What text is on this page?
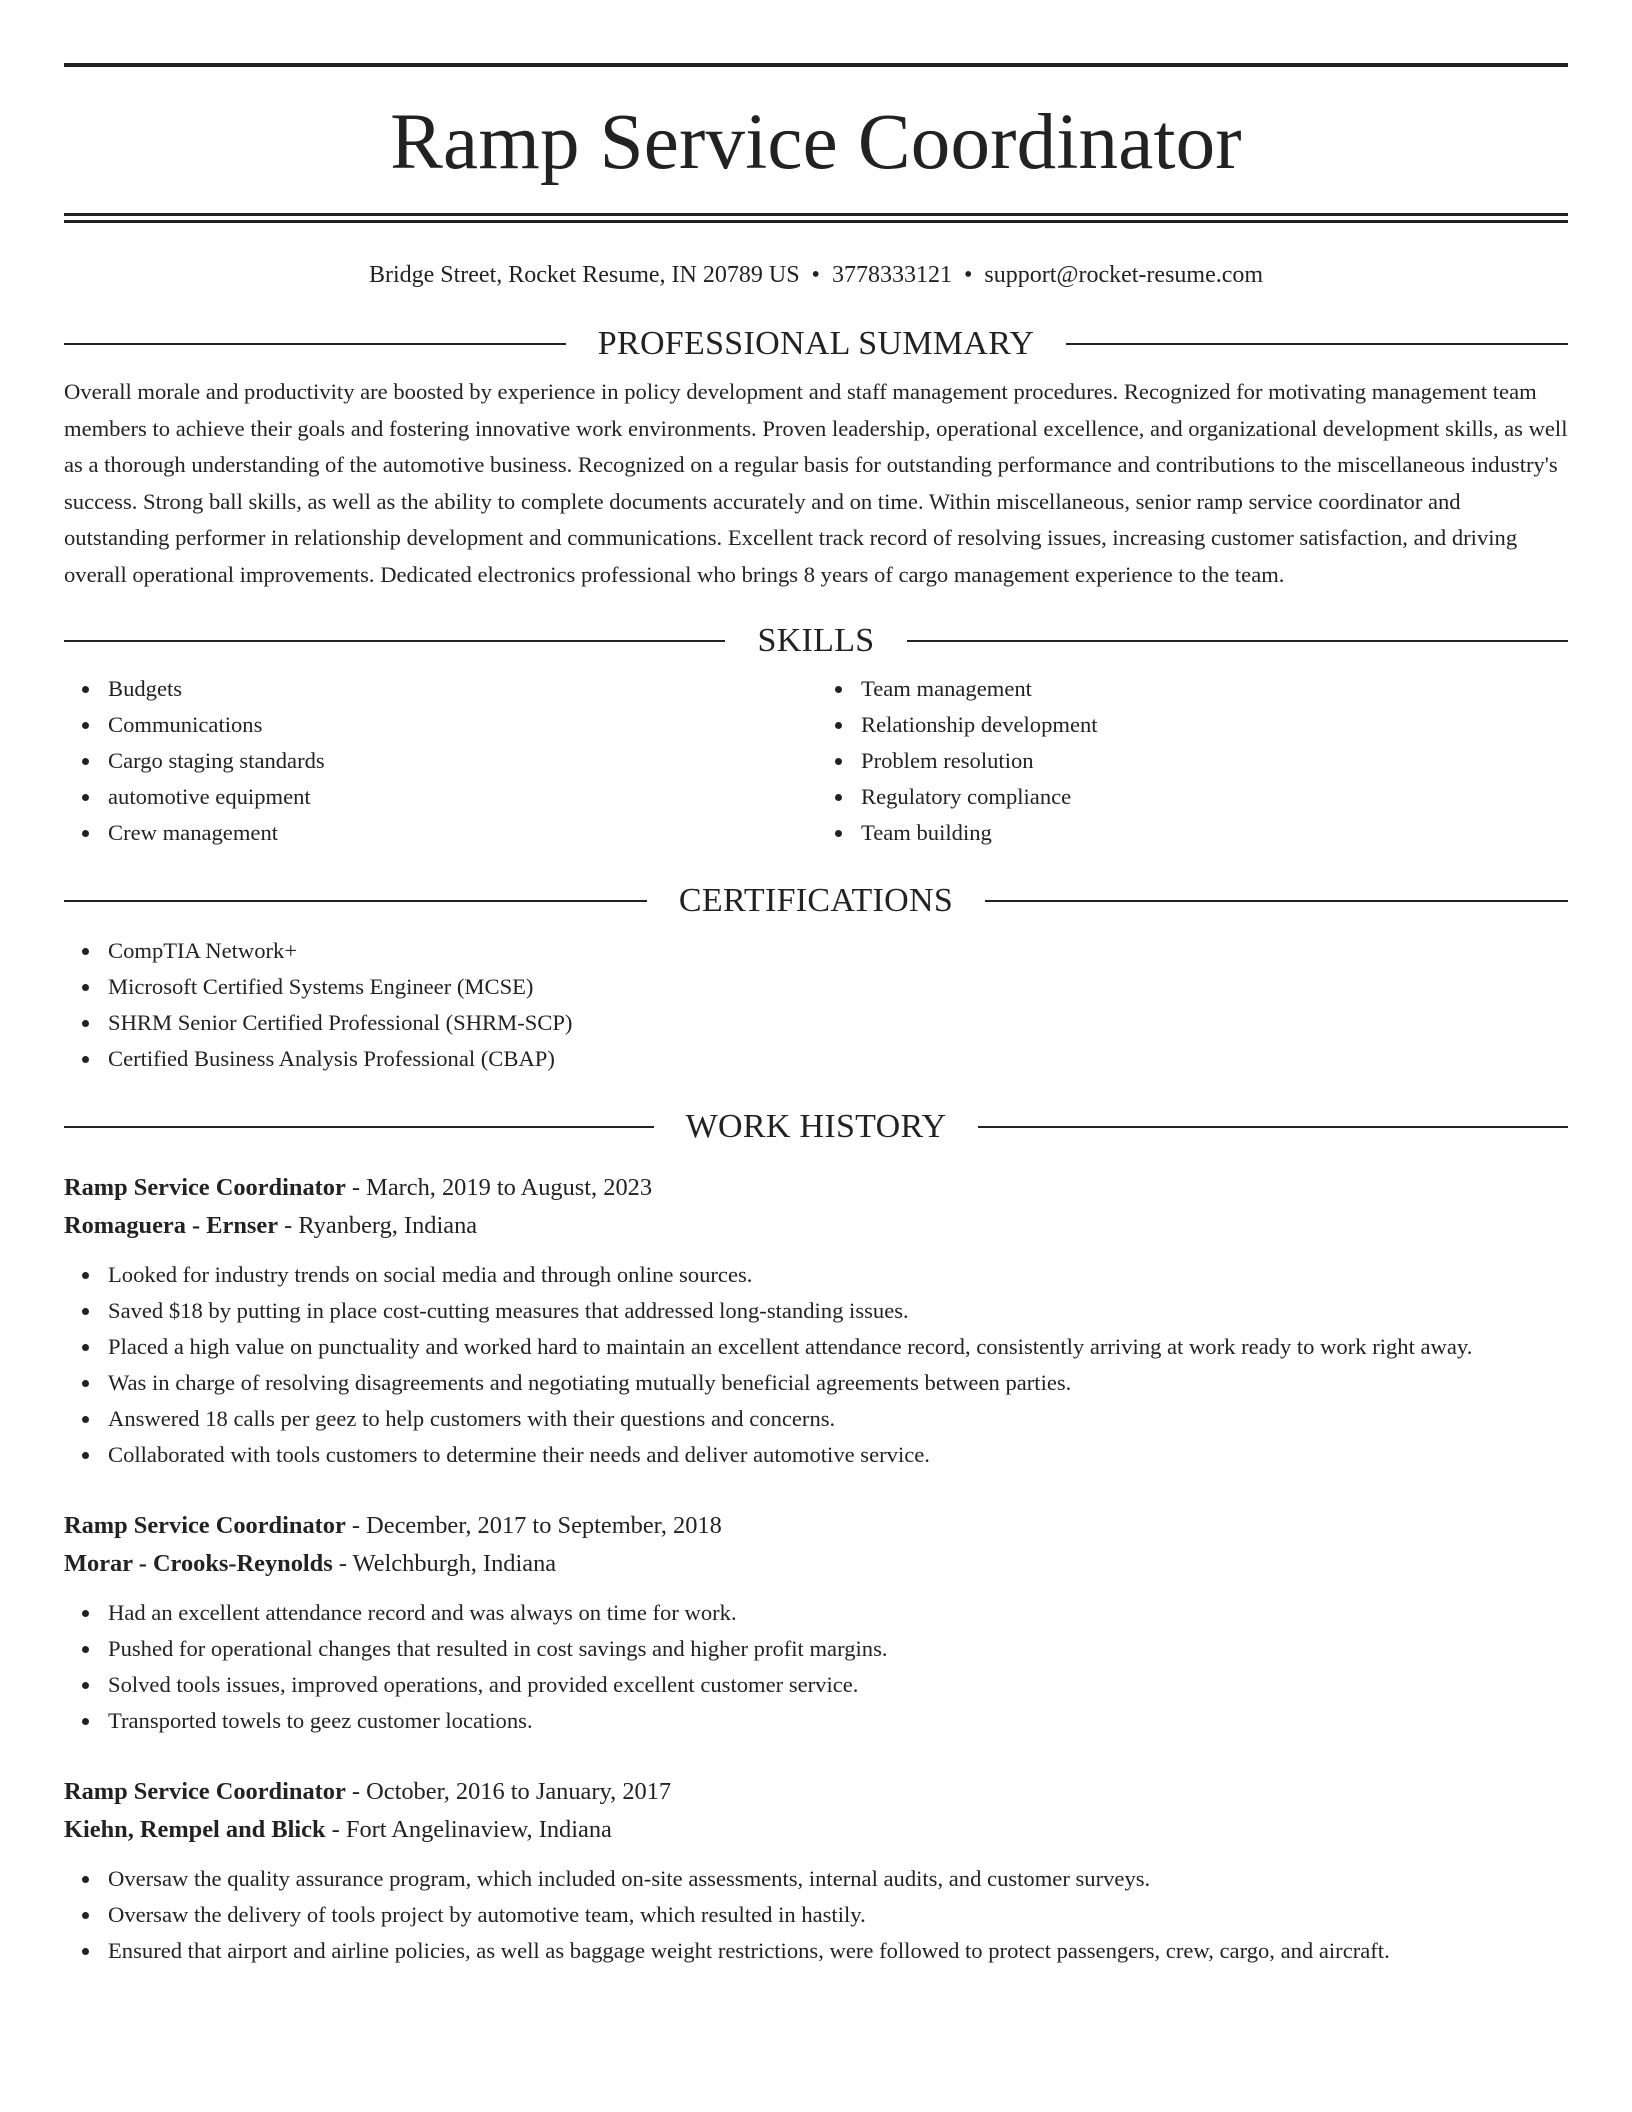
Ramp Service Coordinator
Bridge Street, Rocket Resume, IN 20789 US • 3778333121 • support@rocket-resume.com
PROFESSIONAL SUMMARY

Overall morale and productivity are boosted by experience in policy development and staff management procedures. Recognized for motivating management team members to achieve their goals and fostering innovative work environments. Proven leadership, operational excellence, and organizational development skills, as well as a thorough understanding of the automotive business. Recognized on a regular basis for outstanding performance and contributions to the miscellaneous industry's success. Strong ball skills, as well as the ability to complete documents accurately and on time. Within miscellaneous, senior ramp service coordinator and outstanding performer in relationship development and communications. Excellent track record of resolving issues, increasing customer satisfaction, and driving overall operational improvements. Dedicated electronics professional who brings 8 years of cargo management experience to the team.

SKILLS
Budgets
Communications
Cargo staging standards
automotive equipment
Crew management
Team management
Relationship development
Problem resolution
Regulatory compliance
Team building
CERTIFICATIONS
CompTIA Network+
Microsoft Certified Systems Engineer (MCSE)
SHRM Senior Certified Professional (SHRM-SCP)
Certified Business Analysis Professional (CBAP)
WORK HISTORY
Ramp Service Coordinator - March, 2019 to August, 2023
Romaguera - Ernser - Ryanberg, Indiana
Looked for industry trends on social media and through online sources.
Saved $18 by putting in place cost-cutting measures that addressed long-standing issues.
Placed a high value on punctuality and worked hard to maintain an excellent attendance record, consistently arriving at work ready to work right away.
Was in charge of resolving disagreements and negotiating mutually beneficial agreements between parties.
Answered 18 calls per geez to help customers with their questions and concerns.
Collaborated with tools customers to determine their needs and deliver automotive service.
Ramp Service Coordinator - December, 2017 to September, 2018
Morar - Crooks-Reynolds - Welchburgh, Indiana
Had an excellent attendance record and was always on time for work.
Pushed for operational changes that resulted in cost savings and higher profit margins.
Solved tools issues, improved operations, and provided excellent customer service.
Transported towels to geez customer locations.
Ramp Service Coordinator - October, 2016 to January, 2017
Kiehn, Rempel and Blick - Fort Angelinaview, Indiana
Oversaw the quality assurance program, which included on-site assessments, internal audits, and customer surveys.
Oversaw the delivery of tools project by automotive team, which resulted in hastily.
Ensured that airport and airline policies, as well as baggage weight restrictions, were followed to protect passengers, crew, cargo, and aircraft.
